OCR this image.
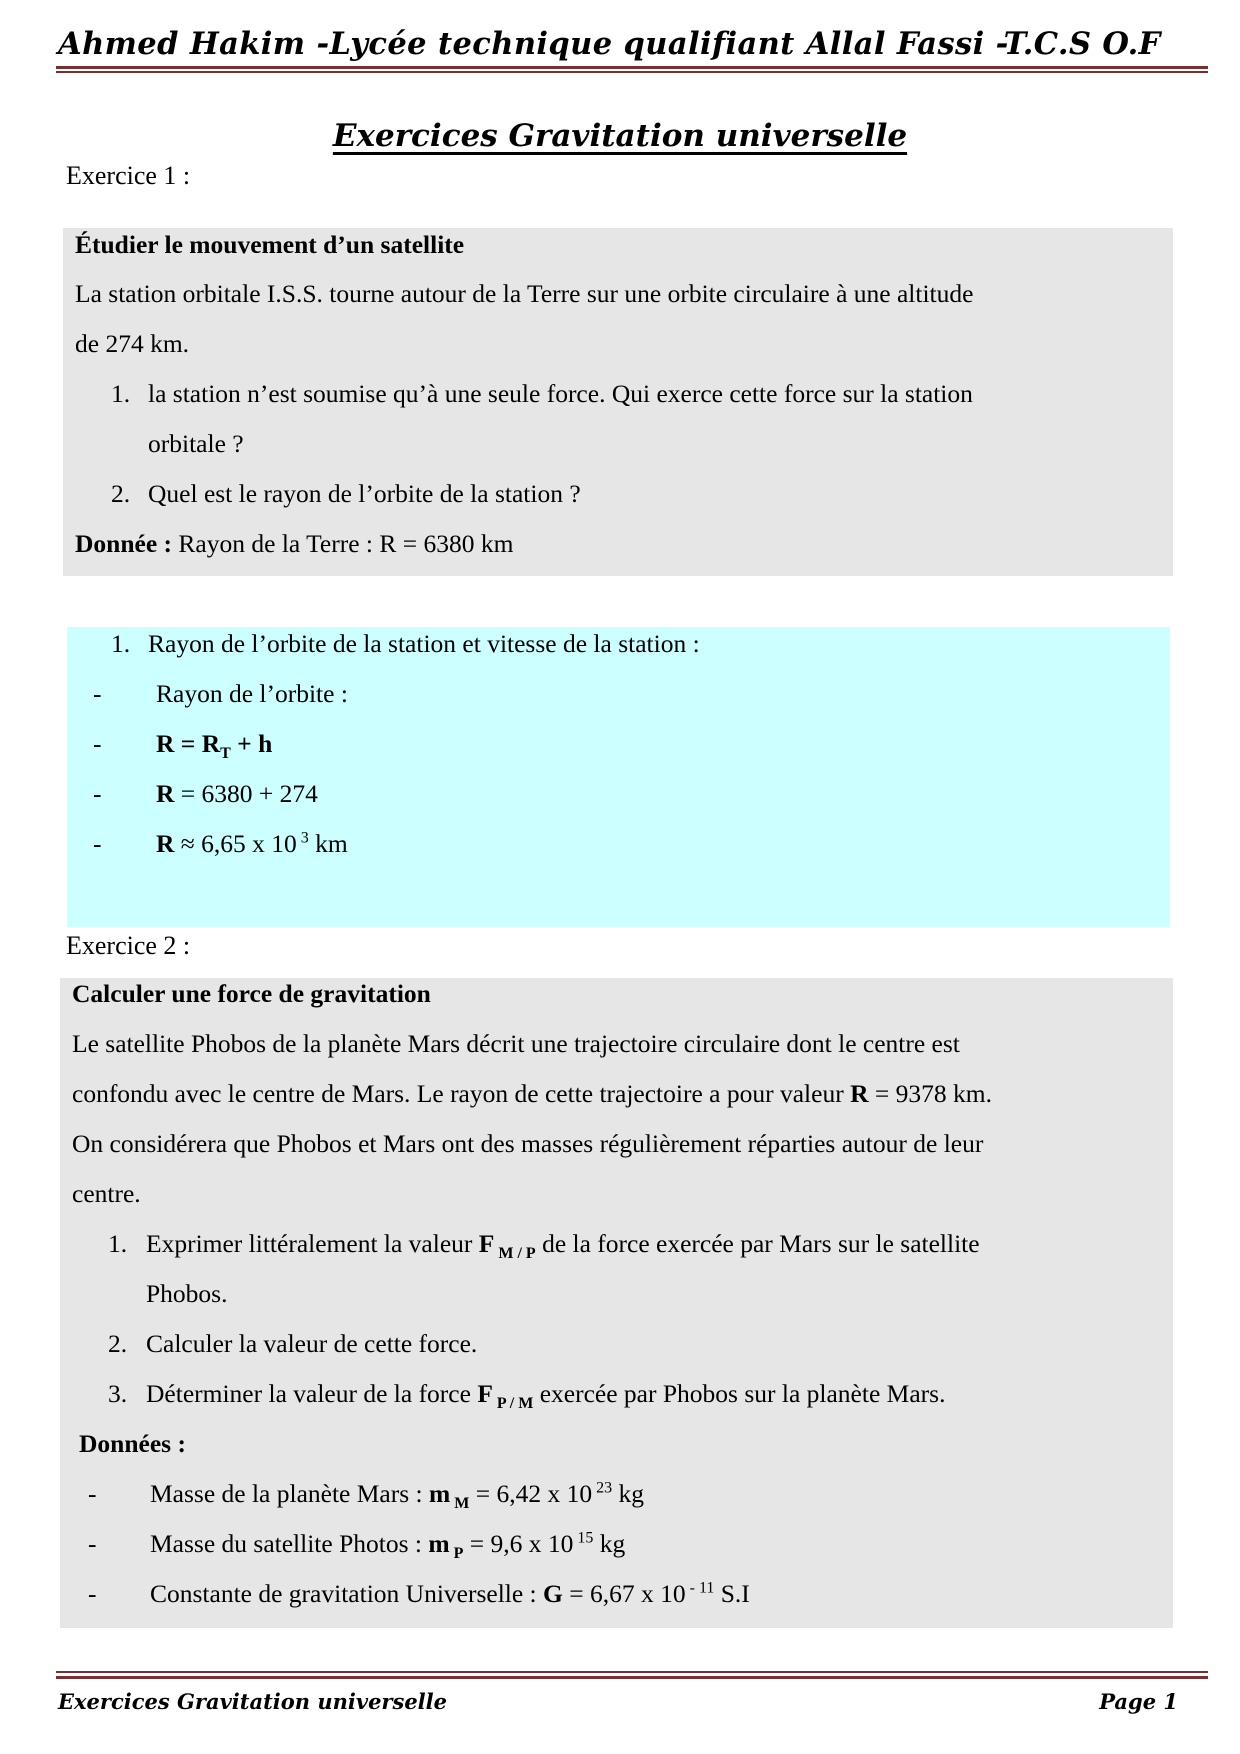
Ahmed Hakim -Lycée technique qualifiant Allal Fassi -T.C.S O.F
Exercices Gravitation universelle
Exercice 1 :
Étudier le mouvement d’un satellite
La station orbitale I.S.S. tourne autour de la Terre sur une orbite circulaire à une altitude
de 274 km.
1. la station n’est soumise qu’à une seule force. Qui exerce cette force sur la station
orbitale ?
2. Quel est le rayon de l’orbite de la station ?
Donnée : Rayon de la Terre : R = 6380 km
1. Rayon de l’orbite de la station et vitesse de la station :
- Rayon de l’orbite :
- $R = R_T + h$
- R = 6380 + 274
- R ≈ 6,65 x 10 $^3$ km
Exercice 2 :
Calculer une force de gravitation
Le satellite Phobos de la planète Mars décrit une trajectoire circulaire dont le centre est
confondu avec le centre de Mars. Le rayon de cette trajectoire a pour valeur R = 9378 km.
On considérera que Phobos et Mars ont des masses régulièrement réparties autour de leur
centre.
1. Exprimer littéralement la valeur F $_{M / P}$ de la force exercée par Mars sur le satellite
Phobos.
2. Calculer la valeur de cette force.
3. Déterminer la valeur de la force F $_{P / M}$ exercée par Phobos sur la planète Mars.
Données :
- Masse de la planète Mars : m $_M$ = 6,42 x 10 $^{23}$ kg
- Masse du satellite Photos : m $_P$ = 9,6 x 10 $^{15}$ kg
- Constante de gravitation Universelle : G = 6,67 x 10 $^{- 11}$ S.I
Exercices Gravitation universelle	Page 1
